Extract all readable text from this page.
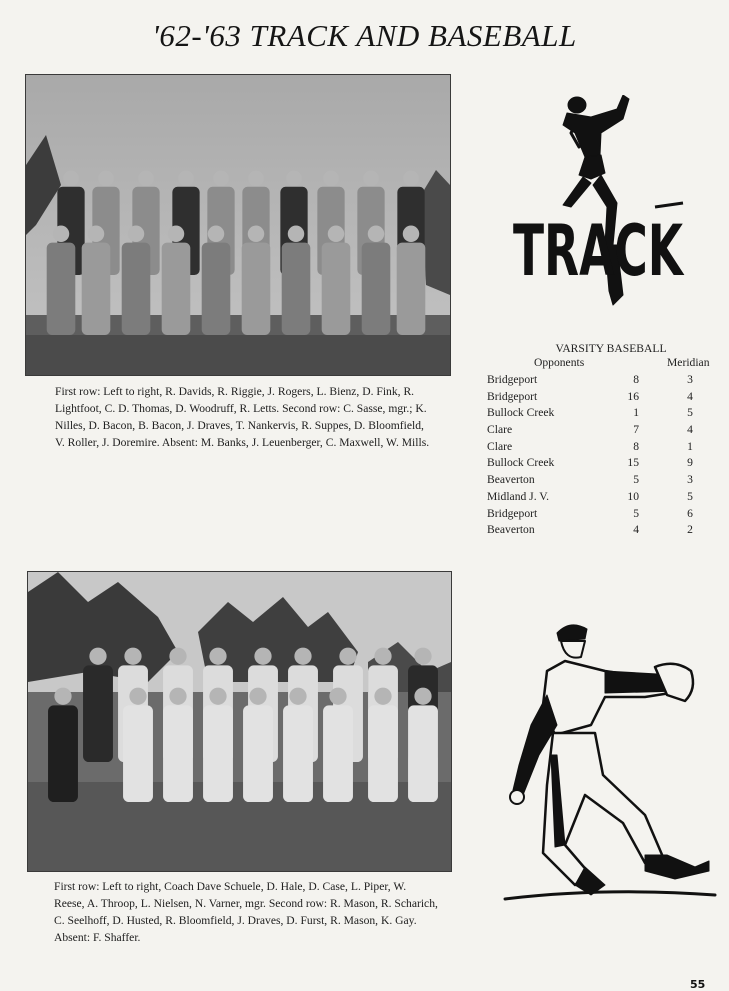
'62-'63 TRACK AND BASEBALL
First row: Left to right, R. Davids, R. Riggie, J. Rogers, L. Bienz, D. Fink, R. Lightfoot, C. D. Thomas, D. Woodruff, R. Letts. Second row: C. Sasse, mgr.; K. Nilles, D. Bacon, B. Bacon, J. Draves, T. Nankervis, R. Suppes, D. Bloomfield, V. Roller, J. Doremire. Absent: M. Banks, J. Leuenberger, C. Maxwell, W. Mills.
TRACK
VARSITY BASEBALL
Opponents	Meridian
Bridgeport	8	3
Bridgeport	16	4
Bullock Creek	1	5
Clare	7	4
Clare	8	1
Bullock Creek	15	9
Beaverton	5	3
Midland J. V.	10	5
Bridgeport	5	6
Beaverton	4	2
First row: Left to right, Coach Dave Schuele, D. Hale, D. Case, L. Piper, W. Reese, A. Throop, L. Nielsen, N. Varner, mgr. Second row: R. Mason, R. Scharich, C. Seelhoff, D. Husted, R. Bloomfield, J. Draves, D. Furst, R. Mason, K. Gay. Absent: F. Shaffer.
55
